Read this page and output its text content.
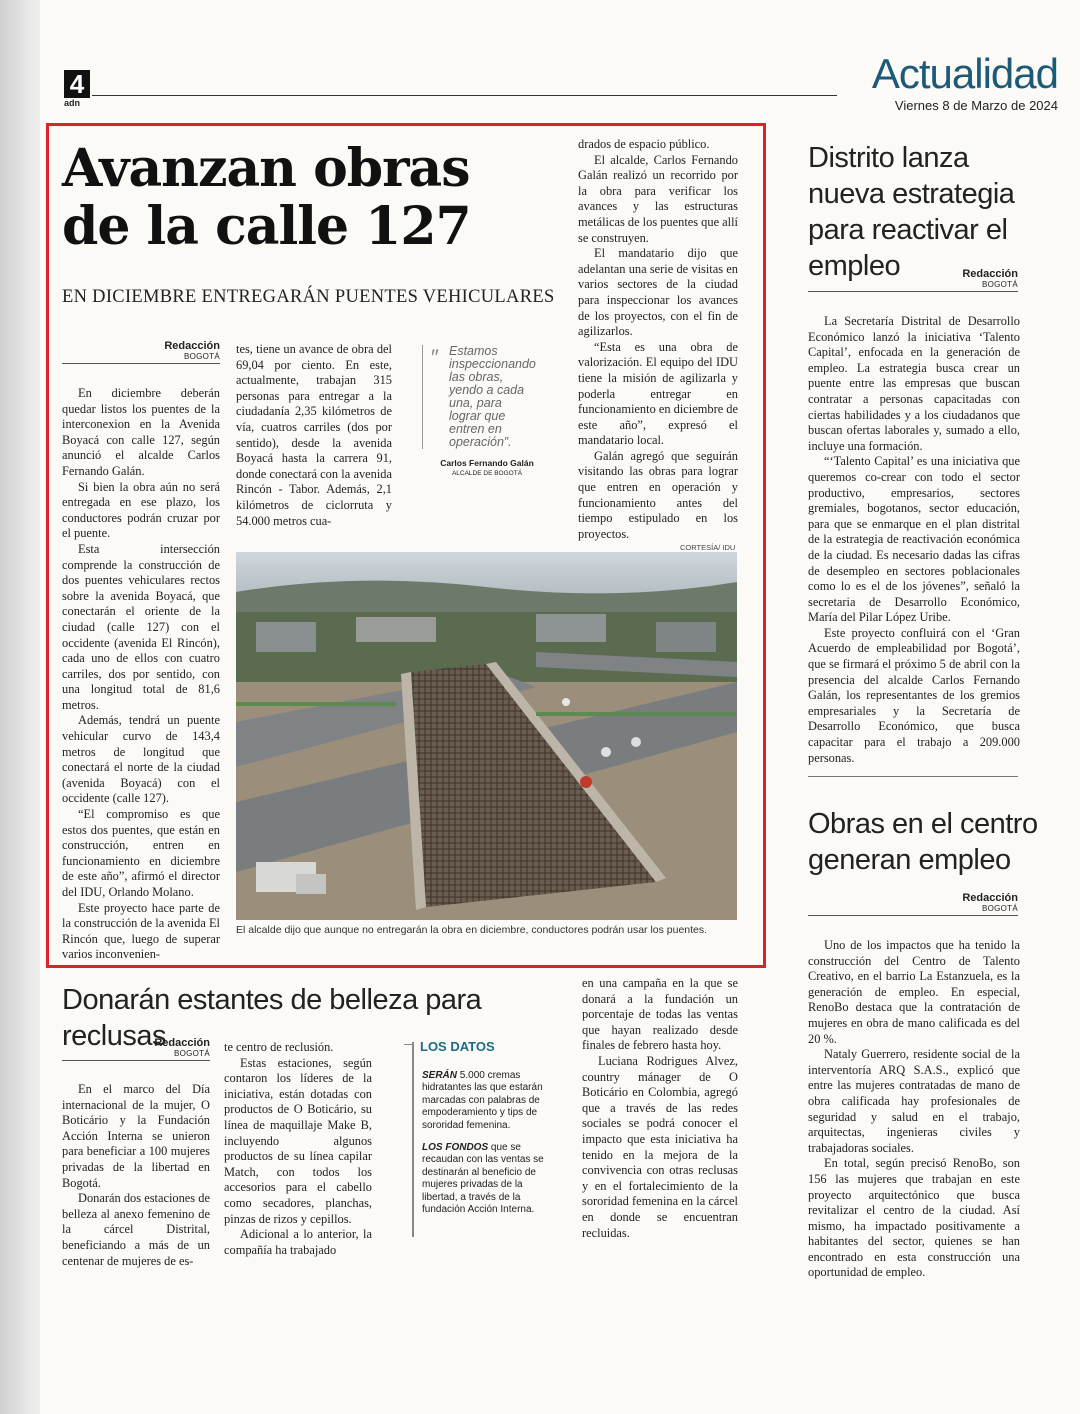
4
adn
Actualidad
Viernes 8 de Marzo de 2024
Avanzan obras
de la calle 127
EN DICIEMBRE ENTREGARÁN PUENTES VEHICULARES
Redacción
BOGOTÁ

En diciembre deberán quedar listos los puentes de la interconexion en la Avenida Boyacá con calle 127, según anunció el alcalde Carlos Fernando Galán.

Si bien la obra aún no será entregada en ese plazo, los conductores podrán cruzar por el puente.

Esta intersección comprende la construcción de dos puentes vehiculares rectos sobre la avenida Boyacá, que conectarán el oriente de la ciudad (calle 127) con el occidente (avenida El Rincón), cada uno de ellos con cuatro carriles, dos por sentido, con una longitud total de 81,6 metros.

Además, tendrá un puente vehicular curvo de 143,4 metros de longitud que conectará el norte de la ciudad (avenida Boyacá) con el occidente (calle 127).

“El compromiso es que estos dos puentes, que están en construcción, entren en funcionamiento en diciembre de este año”, afirmó el director del IDU, Orlando Molano.

Este proyecto hace parte de la construcción de la avenida El Rincón que, luego de superar varios inconvenien-

tes, tiene un avance de obra del 69,04 por ciento. En este, actualmente, trabajan 315 personas para entregar a la ciudadanía 2,35 kilómetros de vía, cuatros carriles (dos por sentido), desde la avenida Boyacá hasta la carrera 91, donde conectará con la avenida Rincón - Tabor. Además, 2,1 kilómetros de ciclorruta y 54.000 metros cua-

″ Estamos inspeccionando las obras, yendo a cada una, para lograr que entren en operación”.
Carlos Fernando Galán
ALCALDE DE BOGOTÁ

drados de espacio público.

El alcalde, Carlos Fernando Galán realizó un recorrido por la obra para verificar los avances y las estructuras metálicas de los puentes que allí se construyen.

El mandatario dijo que adelantan una serie de visitas en varios sectores de la ciudad para inspeccionar los avances de los proyectos, con el fin de agilizarlos.

“Esta es una obra de valorización. El equipo del IDU tiene la misión de agilizarla y poderla entregar en funcionamiento en diciembre de este año”, expresó el mandatario local.

Galán agregó que seguirán visitando las obras para lograr que entren en operación y funcionamiento antes del tiempo estipulado en los proyectos.

CORTESÍA/ IDU
El alcalde dijo que aunque no entregarán la obra en diciembre, conductores podrán usar los puentes.
Distrito lanza nueva estrategia para reactivar el empleo	Redacción
BOGOTÁ

La Secretaría Distrital de Desarrollo Económico lanzó la iniciativa ‘Talento Capital’, enfocada en la generación de empleo. La estrategia busca crear un puente entre las empresas que buscan contratar a personas capacitadas con ciertas habilidades y a los ciudadanos que buscan ofertas laborales y, sumado a ello, incluye una formación.

“‘Talento Capital’ es una iniciativa que queremos co-crear con todo el sector productivo, empresarios, sectores gremiales, bogotanos, sector educación, para que se enmarque en el plan distrital de la estrategia de reactivación económica de la ciudad. Es necesario dadas las cifras de desempleo en sectores poblacionales como lo es el de los jóvenes”, señaló la secretaria de Desarrollo Económico, María del Pilar López Uribe.

Este proyecto confluirá con el ‘Gran Acuerdo de empleabilidad por Bogotá’, que se firmará el próximo 5 de abril con la presencia del alcalde Carlos Fernando Galán, los representantes de los gremios empresariales y la Secretaría de Desarrollo Económico, que busca capacitar para el trabajo a 209.000 personas.

Obras en el centro generan empleo
Redacción
BOGOTÁ

Uno de los impactos que ha tenido la construcción del Centro de Talento Creativo, en el barrio La Estanzuela, es la generación de empleo. En especial, RenoBo destaca que la contratación de mujeres en obra de mano calificada es del 20 %.

Nataly Guerrero, residente social de la interventoría ARQ S.A.S., explicó que entre las mujeres contratadas de mano de obra calificada hay profesionales de seguridad y salud en el trabajo, arquitectas, ingenieras civiles y trabajadoras sociales.

En total, según precisó RenoBo, son 156 las mujeres que trabajan en este proyecto arquitectónico que busca revitalizar el centro de la ciudad. Así mismo, ha impactado positivamente a habitantes del sector, quienes se han encontrado en esta construcción una oportunidad de empleo.

Donarán estantes de belleza para reclusas
Redacción
BOGOTÁ

En el marco del Día internacional de la mujer, O Boticário y la Fundación Acción Interna se unieron para beneficiar a 100 mujeres privadas de la libertad en Bogotá.

Donarán dos estaciones de belleza al anexo femenino de la cárcel Distrital, beneficiando a más de un centenar de mujeres de es-

te centro de reclusión.

Estas estaciones, según contaron los líderes de la iniciativa, están dotadas con productos de O Boticário, su línea de maquillaje Make B, incluyendo algunos productos de su línea capilar Match, con todos los accesorios para el cabello como secadores, planchas, pinzas de rizos y cepillos.

Adicional a lo anterior, la compañía ha trabajado

LOS DATOS

SERÁN 5.000 cremas hidratantes las que estarán marcadas con palabras de empoderamiento y tips de sororidad femenina.

LOS FONDOS que se recaudan con las ventas se destinarán al beneficio de mujeres privadas de la libertad, a través de la fundación Acción Interna.

en una campaña en la que se donará a la fundación un porcentaje de todas las ventas que hayan realizado desde finales de febrero hasta hoy.

Luciana Rodrigues Alvez, country mánager de O Boticário en Colombia, agregó que a través de las redes sociales se podrá conocer el impacto que esta iniciativa ha tenido en la mejora de la convivencia con otras reclusas y en el fortalecimiento de la sororidad femenina en la cárcel en donde se encuentran recluidas.
